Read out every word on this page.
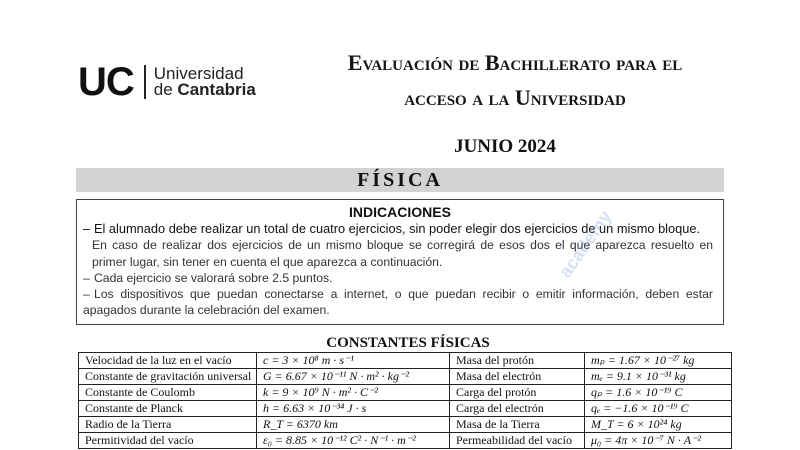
UC Universidad
de Cantabria
Evaluación de Bachillerato para el
acceso a la Universidad
JUNIO 2024
FÍSICA
INDICACIONES
– El alumnado debe realizar un total de cuatro ejercicios, sin poder elegir dos ejercicios de un mismo bloque.
En caso de realizar dos ejercicios de un mismo bloque se corregirá de esos dos el que aparezca resuelto en primer lugar, sin tener en cuenta el que aparezca a continuación.
– Cada ejercicio se valorará sobre 2.5 puntos.
– Los dispositivos que puedan conectarse a internet, o que puedan recibir o emitir información, deben estar apagados durante la celebración del examen.
academy
CONSTANTES FÍSICAS
Velocidad de la luz en el vacío	c = 3 × 10⁸ m · s⁻¹	Masa del protón	mₚ = 1.67 × 10⁻²⁷ kg
Constante de gravitación universal	G = 6.67 × 10⁻¹¹ N · m² · kg⁻²	Masa del electrón	mₑ = 9.1 × 10⁻³¹ kg
Constante de Coulomb	k = 9 × 10⁹ N · m² · C⁻²	Carga del protón	qₚ = 1.6 × 10⁻¹⁹ C
Constante de Planck	h = 6.63 × 10⁻³⁴ J · s	Carga del electrón	qₑ = −1.6 × 10⁻¹⁹ C
Radio de la Tierra	R_T = 6370 km	Masa de la Tierra	M_T = 6 × 10²⁴ kg
Permitividad del vacío	ε₀ = 8.85 × 10⁻¹² C² · N⁻¹ · m⁻²	Permeabilidad del vacío	μ₀ = 4π × 10⁻⁷ N · A⁻²
